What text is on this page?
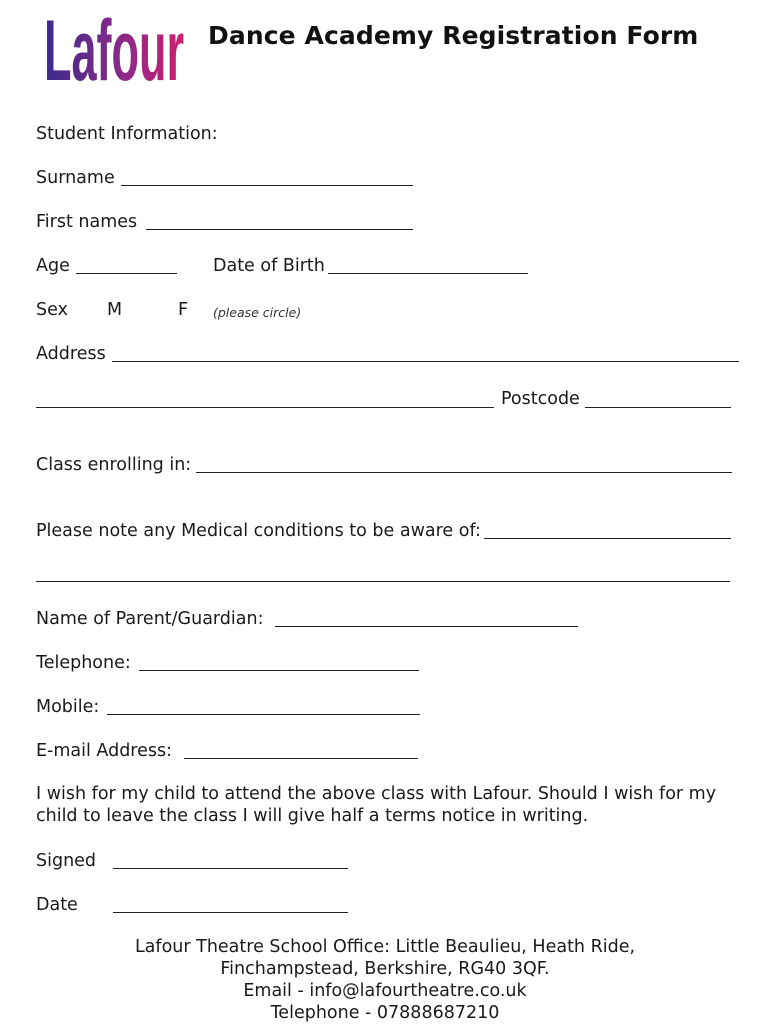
Lafour Dance Academy Registration Form
Student Information:
Surname
First names
Age	Date of Birth
Sex M	F (please circle)
Address
Postcode
Class enrolling in:
Please note any Medical conditions to be aware of:
Name of Parent/Guardian:
Telephone:
Mobile:
E-mail Address:
I wish for my child to attend the above class with Lafour. Should I wish for my child to leave the class I will give half a terms notice in writing.
Signed
Date
Lafour Theatre School Office: Little Beaulieu, Heath Ride,
Finchampstead, Berkshire, RG40 3QF.
Email - info@lafourtheatre.co.uk
Telephone - 07888687210
